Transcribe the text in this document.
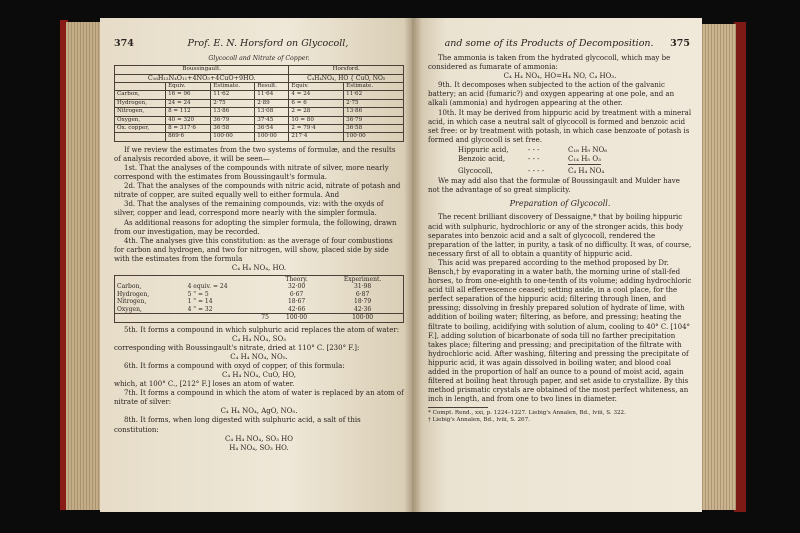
374	Prof. E. N. Horsford on Glycocoll,

Glycocoll and Nitrate of Copper.

Boussingault.				Horsford.	
C₁₆H₁₂N₄O₁₁+4NO₅+4CuO+9HO.				C₄H₄NO₄, HO { CuO, NO₅	
	Equiv.	Estimate.	Result.	Equiv.	Estimate.
Carbon,	16 = 96	11·62	11·64	4 = 24	11·62
Hydrogen,	24 = 24	2·75	2·89	6 = 6	2·75
Nitrogen,	8 = 112	13·86	13·08	2 = 28	13·86
Oxygen,	40 = 320	36·79	37·45	10 = 80	36·79
Ox. copper,	8 = 317·6	36·58	36·54	2 = 79·4	36·58
	869·6	100·00	100·00	217·4	100·00

If we review the estimates from the two systems of formulæ, and the results of analysis recorded above, it will be seen—

1st. That the analyses of the compounds with nitrate of silver, more nearly correspond with the estimates from Boussingault's formula.

2d. That the analyses of the compounds with nitric acid, nitrate of potash and nitrate of copper, are suited equally well to either formula. And

3d. That the analyses of the remaining compounds, viz: with the oxyds of silver, copper and lead, correspond more nearly with the simpler formula.

As additional reasons for adopting the simpler formula, the following, drawn from our investigation, may be recorded.

4th. The analyses give this constitution: as the average of four combustions for carbon and hydrogen, and two for nitrogen, will show, placed side by side with the estimates from the formula

C₄ H₄ NO₄, HO.

		Theory.	Experiment.
Carbon,	4 equiv. = 24	32·00	31·98
Hydrogen,	5 " = 5	6·67	6·87
Nitrogen,	1 " = 14	18·67	18·79
Oxygen,	4 " = 32	42·66	42·36
	75	100·00	100·00

5th. It forms a compound in which sulphuric acid replaces the atom of water:

C₄ H₄ NO₄, SO₃

corresponding with Boussingault's nitrate, dried at 110° C. [230° F.]:

C₄ H₄ NO₄, NO₅.

6th. It forms a compound with oxyd of copper, of this formula:

C₄ H₄ NO₄, CuO, HO,

which, at 100° C., [212° F.] loses an atom of water.

7th. It forms a compound in which the atom of water is replaced by an atom of nitrate of silver:

C₄ H₄ NO₄, AgO, NO₅.

8th. It forms, when long digested with sulphuric acid, a salt of this constitution:

C₄ H₄ NO₄, SO₃ HO

H₄ NO₄, SO₃ HO.

and some of its Products of Decomposition. 375

The ammonia is taken from the hydrated glycocoll, which may be considered as fumarate of ammonia:

C₄ H₄ NO₄, HO=H₄ NO, C₄ HO₃.

9th. It decomposes when subjected to the action of the galvanic battery; an acid (fumaric?) and oxygen appearing at one pole, and an alkali (ammonia) and hydrogen appearing at the other.

10th. It may be derived from hippuric acid by treatment with a mineral acid, in which case a neutral salt of glycocoll is formed and benzoic acid set free: or by treatment with potash, in which case benzoate of potash is formed and glycocoll is set free.

Hippuric acid,	- - -	C₁₈ H₉ NO₆
Benzoic acid,	- - -	C₁₄ H₅ O₃
Glycocoll,	- - - -	C₄ H₄ NO₄

We may add also that the formulæ of Boussingault and Mulder have not the advantage of so great simplicity.

Preparation of Glycocoll.

The recent brilliant discovery of Dessaigne,* that by boiling hippuric acid with sulphuric, hydrochloric or any of the stronger acids, this body separates into benzoic acid and a salt of glycocoll, rendered the preparation of the latter, in purity, a task of no difficulty. It was, of course, necessary first of all to obtain a quantity of hippuric acid.

This acid was prepared according to the method proposed by Dr. Bensch,† by evaporating in a water bath, the morning urine of stall-fed horses, to from one-eighth to one-tenth of its volume; adding hydrochloric acid till all effervescence ceased; setting aside, in a cool place, for the perfect separation of the hippuric acid; filtering through linen, and pressing; dissolving in freshly prepared solution of hydrate of lime, with addition of boiling water; filtering, as before, and pressing; heating the filtrate to boiling, acidifying with solution of alum, cooling to 40° C. [104° F.], adding solution of bicarbonate of soda till no farther precipitation takes place; filtering and pressing; and precipitation of the filtrate with hydrochloric acid. After washing, filtering and pressing the precipitate of hippuric acid, it was again dissolved in boiling water, and blood coal added in the proportion of half an ounce to a pound of moist acid, again filtered at boiling heat through paper, and set aside to crystallize. By this method prismatic crystals are obtained of the most perfect whiteness, an inch in length, and from one to two lines in diameter.

* Compt. Rend., xxi, p. 1224–1227. Liebig's Annalen, Bd., lviii, S. 322.

† Liebig's Annalen, Bd., lviii, S. 267.
